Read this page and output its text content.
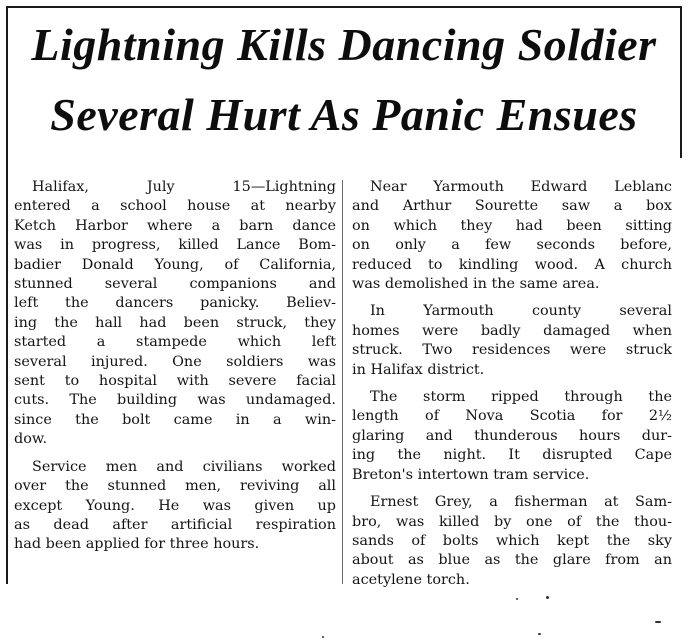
Lightning Kills Dancing Soldier
Several Hurt As Panic Ensues
Halifax, July 15—Lightning
entered a school house at nearby
Ketch Harbor where a barn dance
was in progress, killed Lance Bom-
badier Donald Young, of California,
stunned several companions and
left the dancers panicky. Believ-
ing the hall had been struck, they
started a stampede which left
several injured. One soldiers was
sent to hospital with severe facial
cuts. The building was undamaged.
since the bolt came in a win-
dow.
Service men and civilians worked
over the stunned men, reviving all
except Young. He was given up
as dead after artificial respiration
had been applied for three hours.
Near Yarmouth Edward Leblanc
and Arthur Sourette saw a box
on which they had been sitting
on only a few seconds before,
reduced to kindling wood. A church
was demolished in the same area.
In Yarmouth county several
homes were badly damaged when
struck. Two residences were struck
in Halifax district.
The storm ripped through the
length of Nova Scotia for 2½
glaring and thunderous hours dur-
ing the night. It disrupted Cape
Breton's intertown tram service.
Ernest Grey, a fisherman at Sam-
bro, was killed by one of the thou-
sands of bolts which kept the sky
about as blue as the glare from an
acetylene torch.
